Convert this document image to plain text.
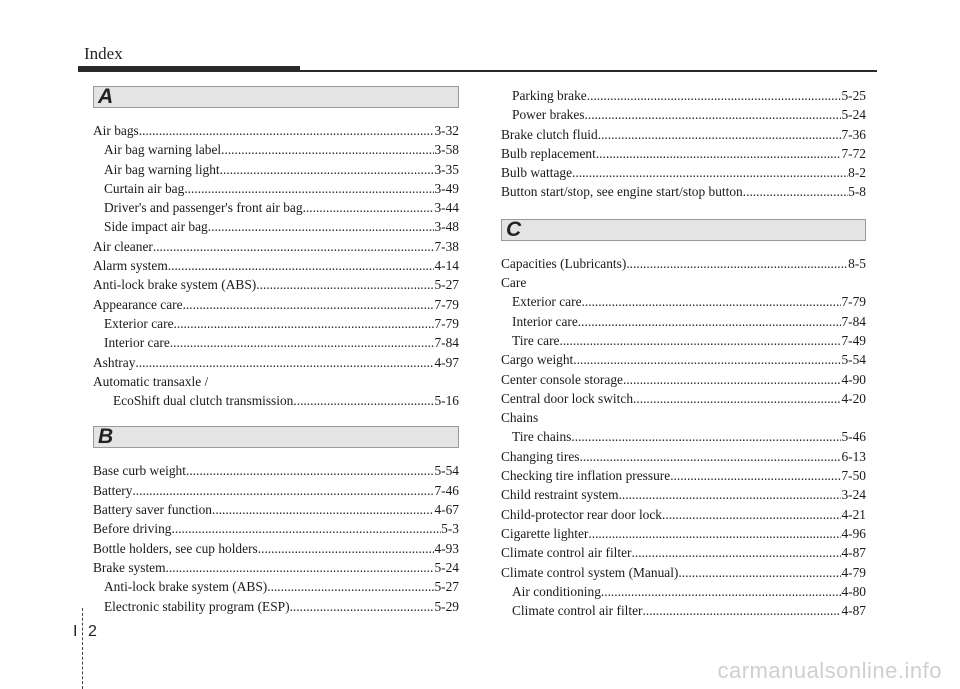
Index
A
Air bags .....	3-32
Air bag warning label .....	3-58
Air bag warning light .....	3-35
Curtain air bag .....	3-49
Driver's and passenger's front air bag .....	3-44
Side impact air bag .....	3-48
Air cleaner .....	7-38
Alarm system .....	4-14
Anti-lock brake system (ABS) .....	5-27
Appearance care .....	7-79
Exterior care .....	7-79
Interior care .....	7-84
Ashtray .....	4-97
Automatic transaxle /
EcoShift dual clutch transmission .....	5-16
B
Base curb weight .....	5-54
Battery .....	7-46
Battery saver function .....	4-67
Before driving .....	5-3
Bottle holders, see cup holders .....	4-93
Brake system .....	5-24
Anti-lock brake system (ABS) .....	5-27
Electronic stability program (ESP) .....	5-29
Parking brake .....	5-25
Power brakes .....	5-24
Brake clutch fluid .....	7-36
Bulb replacement .....	7-72
Bulb wattage .....	8-2
Button start/stop, see engine start/stop button .....	5-8
C
Capacities (Lubricants) .....	8-5
Care
Exterior care .....	7-79
Interior care .....	7-84
Tire care .....	7-49
Cargo weight .....	5-54
Center console storage .....	4-90
Central door lock switch .....	4-20
Chains
Tire chains .....	5-46
Changing tires .....	6-13
Checking tire inflation pressure .....	7-50
Child restraint system .....	3-24
Child-protector rear door lock .....	4-21
Cigarette lighter .....	4-96
Climate control air filter .....	4-87
Climate control system (Manual) .....	4-79
Air conditioning .....	4-80
Climate control air filter .....	4-87
I 2
carmanualsonline.info
